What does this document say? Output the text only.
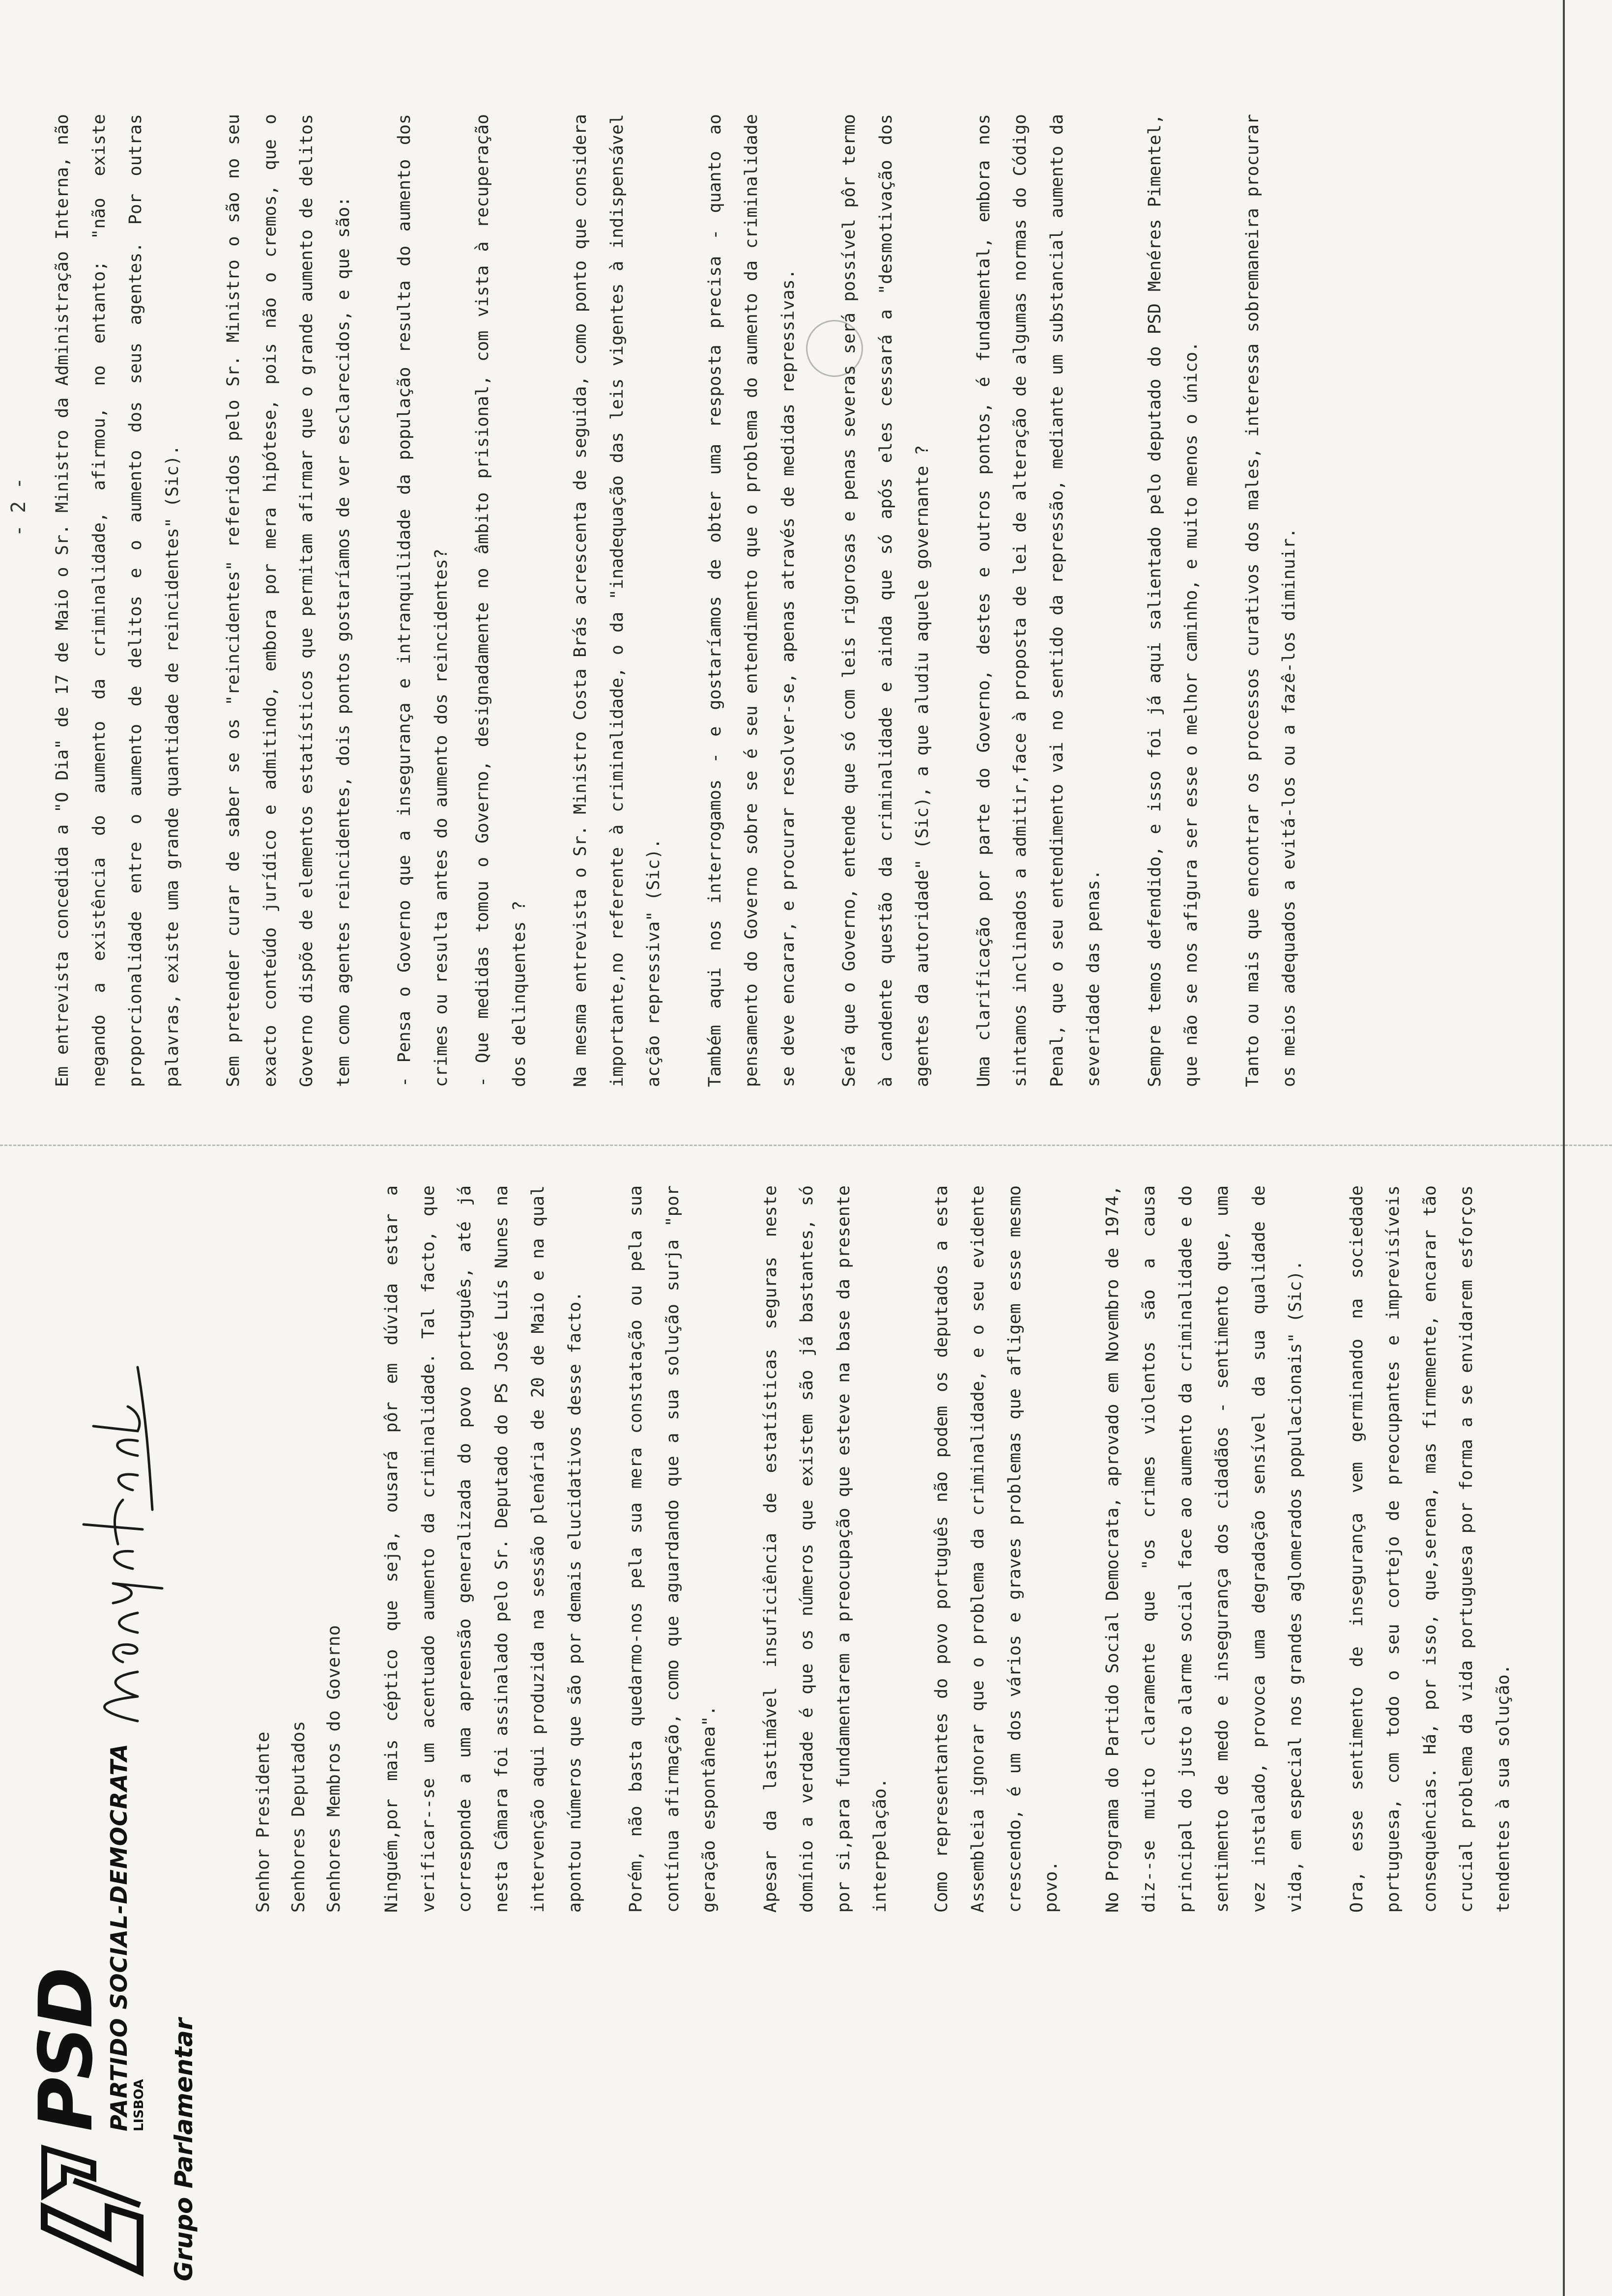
PSD
PARTIDO SOCIAL-DEMOCRATA LISBOA Grupo Parlamentar
Senhor Presidente Senhores Deputados Senhores Membros do Governo	Ninguém,por mais céptico que seja, ousará pôr em dúvida estar a verificar--se um acentuado aumento da criminalidade. Tal facto, que corresponde a uma apreensão generalizada do povo português, até já nesta Câmara foi assinalado pelo Sr. Deputado do PS José Luís Nunes na intervenção aqui produzida na sessão plenária de 20 de Maio e na qual apontou números que são por demais elucidativos desse facto.	Porém, não basta quedarmo-nos pela sua mera constatação ou pela sua contínua afirmação, como que aguardando que a sua solução surja "por geração espontânea".	Apesar da lastimável insuficiência de estatísticas seguras neste domínio a verdade é que os números que existem são já bastantes, só por si,para fundamentarem a preocupação que esteve na base da presente interpelação.	Como representantes do povo português não podem os deputados a esta Assembleia ignorar que o problema da criminalidade, e o seu evidente crescendo, é um dos vários e graves problemas que afligem esse mesmo povo.	No Programa do Partido Social Democrata, aprovado em Novembro de 1974, diz--se muito claramente que "os crimes violentos são a causa principal do justo alarme social face ao aumento da criminalidade e do sentimento de medo e insegurança dos cidadãos - sentimento que, uma vez instalado, provoca uma degradação sensível da sua qualidade de vida, em especial nos grandes aglomerados populacionais" (Sic).	Ora, esse sentimento de insegurança vem germinando na sociedade portuguesa, com todo o seu cortejo de preocupantes e imprevisíveis consequências. Há, por isso, que,serena, mas firmemente, encarar tão crucial problema da vida portuguesa por forma a se envidarem esforços tendentes à sua solução.

- 2 -	Em entrevista concedida a "O Dia" de 17 de Maio o Sr. Ministro da Administração Interna, não negando a existência do aumento da criminalidade, afirmou, no entanto; "não existe proporcionalidade entre o aumento de delitos e o aumento dos seus agentes. Por outras palavras, existe uma grande quantidade de reincidentes" (Sic).	Sem pretender curar de saber se os "reincidentes" referidos pelo Sr. Ministro o são no seu exacto conteúdo jurídico e admitindo, embora por mera hipótese, pois não o cremos, que o Governo dispõe de elementos estatísticos que permitam afirmar que o grande aumento de delitos tem como agentes reincidentes, dois pontos gostaríamos de ver esclarecidos, e que são:	- Pensa o Governo que a insegurança e intranquilidade da população resulta do aumento dos crimes ou resulta antes do aumento dos reincidentes?	- Que medidas tomou o Governo, designadamente no âmbito prisional, com vista à recuperação dos delinquentes ?	Na mesma entrevista o Sr. Ministro Costa Brás acrescenta de seguida, como ponto que considera importante,no referente à criminalidade, o da "inadequação das leis vigentes à indispensável acção repressiva" (Sic).	Também aqui nos interrogamos - e gostaríamos de obter uma resposta precisa - quanto ao pensamento do Governo sobre se é seu entendimento que o problema do aumento da criminalidade se deve encarar, e procurar resolver-se, apenas através de medidas repressivas.	Será que o Governo, entende que só com leis rigorosas e penas severas será possível pôr termo à candente questão da criminalidade e ainda que só após eles cessará a "desmotivação dos agentes da autoridade" (Sic), a que aludiu aquele governante ?	Uma clarificação por parte do Governo, destes e outros pontos, é fundamental, embora nos sintamos inclinados a admitir,face à proposta de lei de alteração de algumas normas do Código Penal, que o seu entendimento vai no sentido da repressão, mediante um substancial aumento da severidade das penas.	Sempre temos defendido, e isso foi já aqui salientado pelo deputado do PSD Menéres Pimentel, que não se nos afigura ser esse o melhor caminho, e muito menos o único.	Tanto ou mais que encontrar os processos curativos dos males, interessa sobremaneira procurar os meios adequados a evitá-los ou a fazê-los diminuir.
